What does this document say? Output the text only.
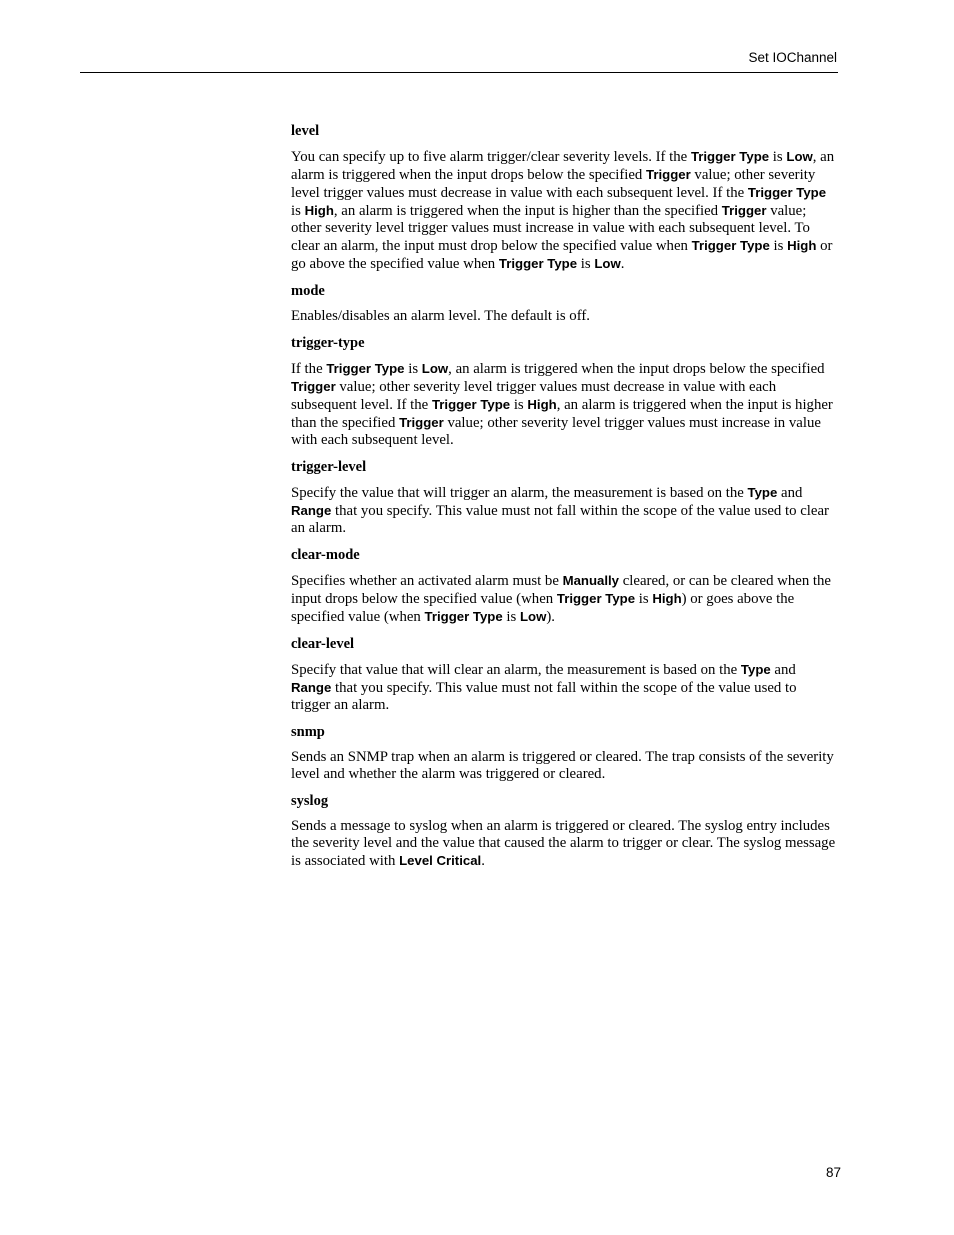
Set IOChannel
level
You can specify up to five alarm trigger/clear severity levels. If the Trigger Type is Low, an alarm is triggered when the input drops below the specified Trigger value; other severity level trigger values must decrease in value with each subsequent level. If the Trigger Type is High, an alarm is triggered when the input is higher than the specified Trigger value; other severity level trigger values must increase in value with each subsequent level. To clear an alarm, the input must drop below the specified value when Trigger Type is High or go above the specified value when Trigger Type is Low.
mode
Enables/disables an alarm level. The default is off.
trigger-type
If the Trigger Type is Low, an alarm is triggered when the input drops below the specified Trigger value; other severity level trigger values must decrease in value with each subsequent level. If the Trigger Type is High, an alarm is triggered when the input is higher than the specified Trigger value; other severity level trigger values must increase in value with each subsequent level.
trigger-level
Specify the value that will trigger an alarm, the measurement is based on the Type and Range that you specify. This value must not fall within the scope of the value used to clear an alarm.
clear-mode
Specifies whether an activated alarm must be Manually cleared, or can be cleared when the input drops below the specified value (when Trigger Type is High) or goes above the specified value (when Trigger Type is Low).
clear-level
Specify that value that will clear an alarm, the measurement is based on the Type and Range that you specify. This value must not fall within the scope of the value used to trigger an alarm.
snmp
Sends an SNMP trap when an alarm is triggered or cleared. The trap consists of the severity level and whether the alarm was triggered or cleared.
syslog
Sends a message to syslog when an alarm is triggered or cleared. The syslog entry includes the severity level and the value that caused the alarm to trigger or clear. The syslog message is associated with Level Critical.
87
